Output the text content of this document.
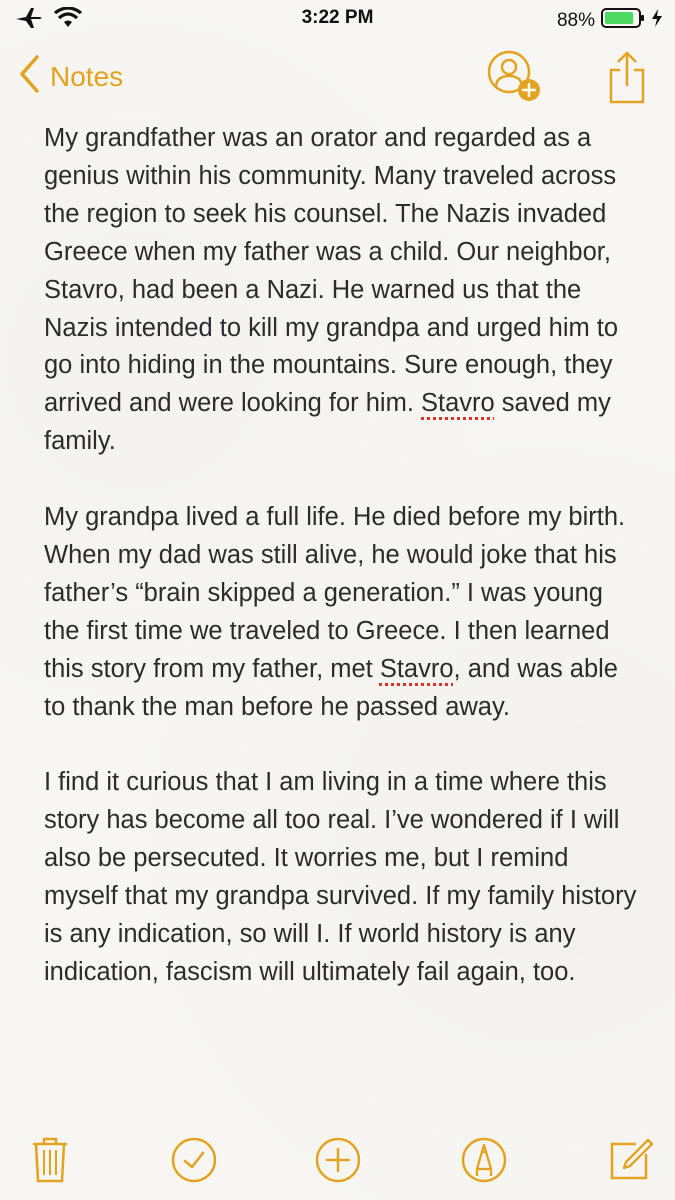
3:22 PM	88%
Notes

My grandfather was an orator and regarded as a genius within his community. Many traveled across the region to seek his counsel. The Nazis invaded Greece when my father was a child. Our neighbor, Stavro, had been a Nazi. He warned us that the Nazis intended to kill my grandpa and urged him to go into hiding in the mountains. Sure enough, they arrived and were looking for him. Stavro saved my family.

My grandpa lived a full life. He died before my birth. When my dad was still alive, he would joke that his father’s “brain skipped a generation.” I was young the first time we traveled to Greece. I then learned this story from my father, met Stavro, and was able to thank the man before he passed away.

I find it curious that I am living in a time where this story has become all too real. I’ve wondered if I will also be persecuted. It worries me, but I remind myself that my grandpa survived. If my family history is any indication, so will I. If world history is any indication, fascism will ultimately fail again, too.
